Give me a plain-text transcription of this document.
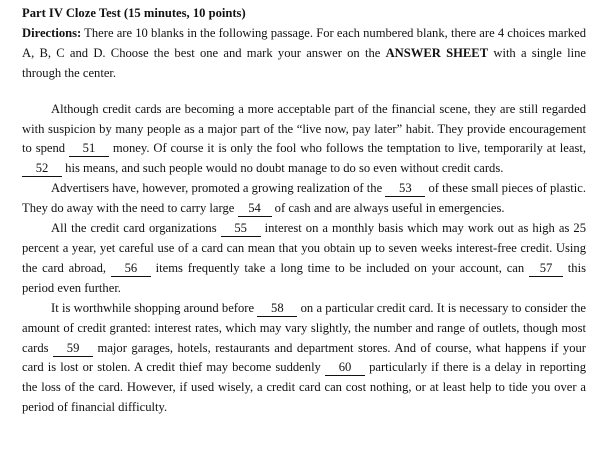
Part IV Cloze Test (15 minutes, 10 points)

Directions: There are 10 blanks in the following passage. For each numbered blank, there are 4 choices marked A, B, C and D. Choose the best one and mark your answer on the ANSWER SHEET with a single line through the center.

Although credit cards are becoming a more acceptable part of the financial scene, they are still regarded with suspicion by many people as a major part of the “live now, pay later” habit. They provide encouragement to spend 51 money. Of course it is only the fool who follows the temptation to live, temporarily at least, 52 his means, and such people would no doubt manage to do so even without credit cards.

Advertisers have, however, promoted a growing realization of the 53 of these small pieces of plastic. They do away with the need to carry large 54 of cash and are always useful in emergencies.

All the credit card organizations 55 interest on a monthly basis which may work out as high as 25 percent a year, yet careful use of a card can mean that you obtain up to seven weeks interest-free credit. Using the card abroad, 56 items frequently take a long time to be included on your account, can 57 this period even further.

It is worthwhile shopping around before 58 on a particular credit card. It is necessary to consider the amount of credit granted: interest rates, which may vary slightly, the number and range of outlets, though most cards 59 major garages, hotels, restaurants and department stores. And of course, what happens if your card is lost or stolen. A credit thief may become suddenly 60 particularly if there is a delay in reporting the loss of the card. However, if used wisely, a credit card can cost nothing, or at least help to tide you over a period of financial difficulty.
